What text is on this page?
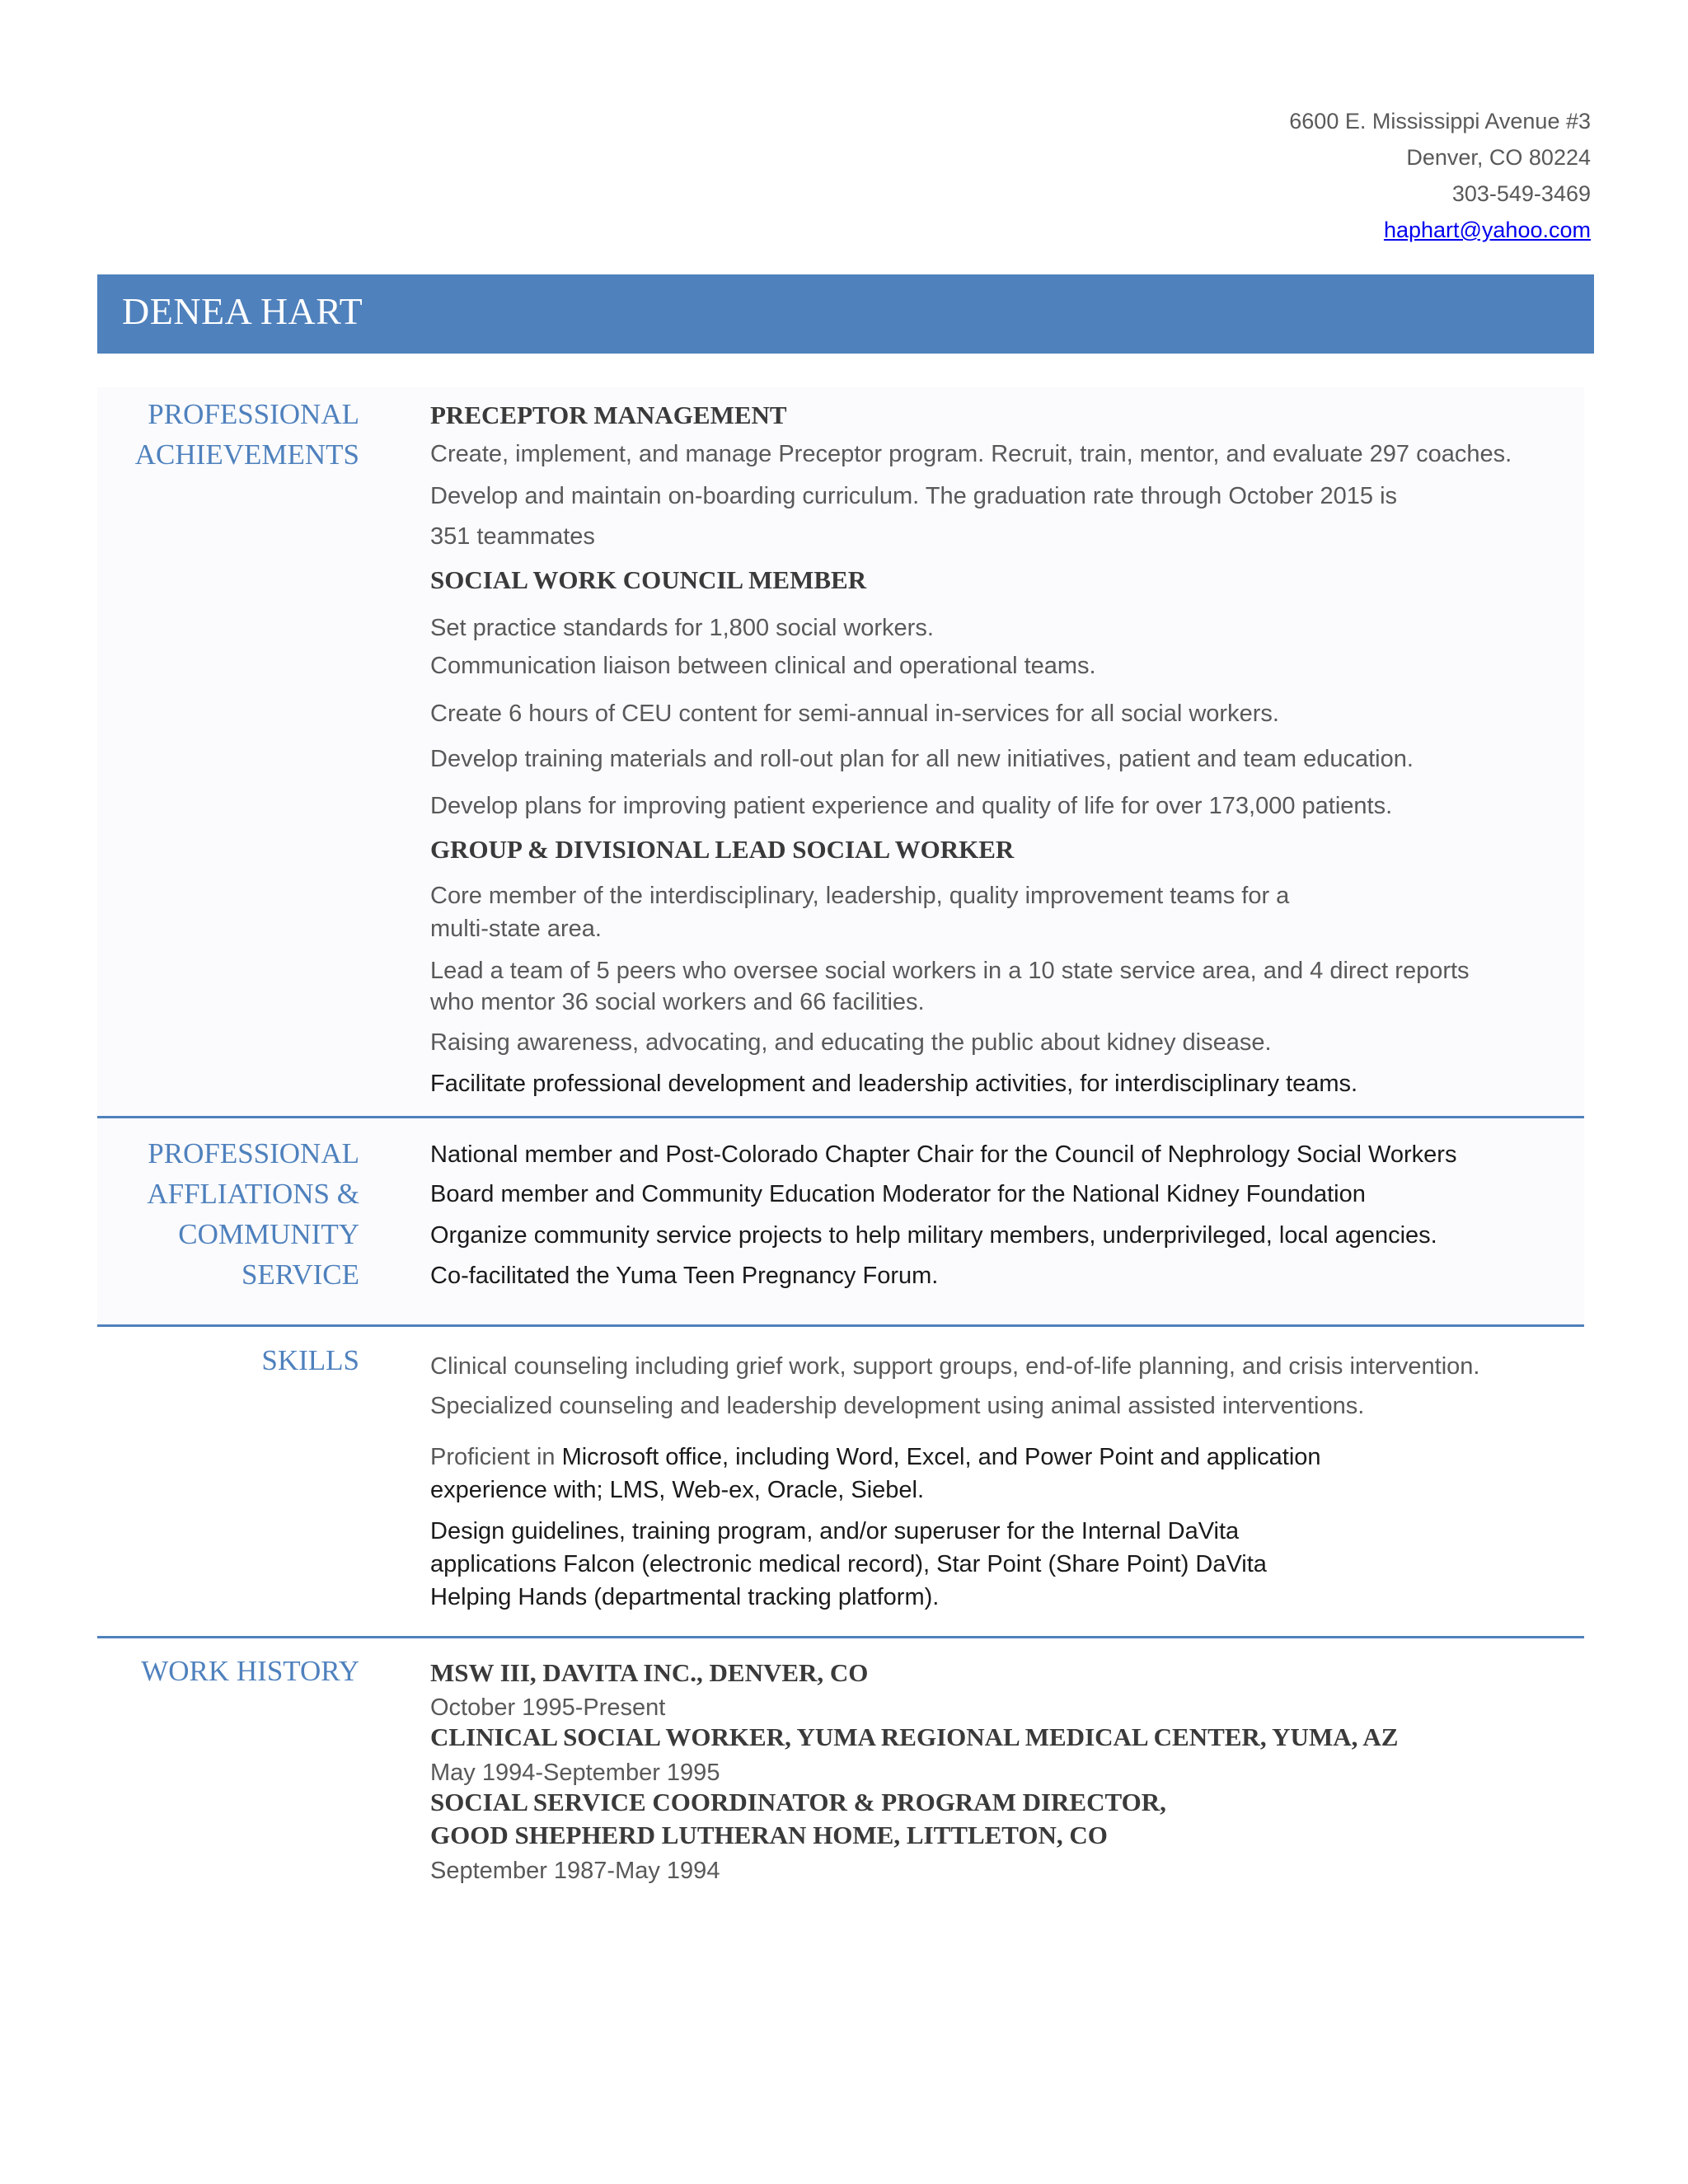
6600 E. Mississippi Avenue #3
Denver, CO 80224
303-549-3469
haphart@yahoo.com
DENEA HART
PROFESSIONAL
ACHIEVEMENTS
PRECEPTOR MANAGEMENT
Create, implement, and manage Preceptor program. Recruit, train, mentor, and evaluate 297 coaches.
Develop and maintain on-boarding curriculum. The graduation rate through October 2015 is
351 teammates
SOCIAL WORK COUNCIL MEMBER
Set practice standards for 1,800 social workers.
Communication liaison between clinical and operational teams.
Create 6 hours of CEU content for semi-annual in-services for all social workers.
Develop training materials and roll-out plan for all new initiatives, patient and team education.
Develop plans for improving patient experience and quality of life for over 173,000 patients.
GROUP & DIVISIONAL LEAD SOCIAL WORKER
Core member of the interdisciplinary, leadership, quality improvement teams for a
multi-state area.
Lead a team of 5 peers who oversee social workers in a 10 state service area, and 4 direct reports
who mentor 36 social workers and 66 facilities.
Raising awareness, advocating, and educating the public about kidney disease.
Facilitate professional development and leadership activities, for interdisciplinary teams.
PROFESSIONAL
AFFLIATIONS &
COMMUNITY
SERVICE
National member and Post-Colorado Chapter Chair for the Council of Nephrology Social Workers
Board member and Community Education Moderator for the National Kidney Foundation
Organize community service projects to help military members, underprivileged, local agencies.
Co-facilitated the Yuma Teen Pregnancy Forum.
SKILLS	Clinical counseling including grief work, support groups, end-of-life planning, and crisis intervention.
Specialized counseling and leadership development using animal assisted interventions.
Proficient in Microsoft office, including Word, Excel, and Power Point and application
experience with; LMS, Web-ex, Oracle, Siebel.
Design guidelines, training program, and/or superuser for the Internal DaVita
applications Falcon (electronic medical record), Star Point (Share Point) DaVita
Helping Hands (departmental tracking platform).
WORK HISTORY	MSW III, DAVITA INC., DENVER, CO
October 1995-Present
CLINICAL SOCIAL WORKER, YUMA REGIONAL MEDICAL CENTER, YUMA, AZ
May 1994-September 1995
SOCIAL SERVICE COORDINATOR & PROGRAM DIRECTOR,
GOOD SHEPHERD LUTHERAN HOME, LITTLETON, CO
September 1987-May 1994
